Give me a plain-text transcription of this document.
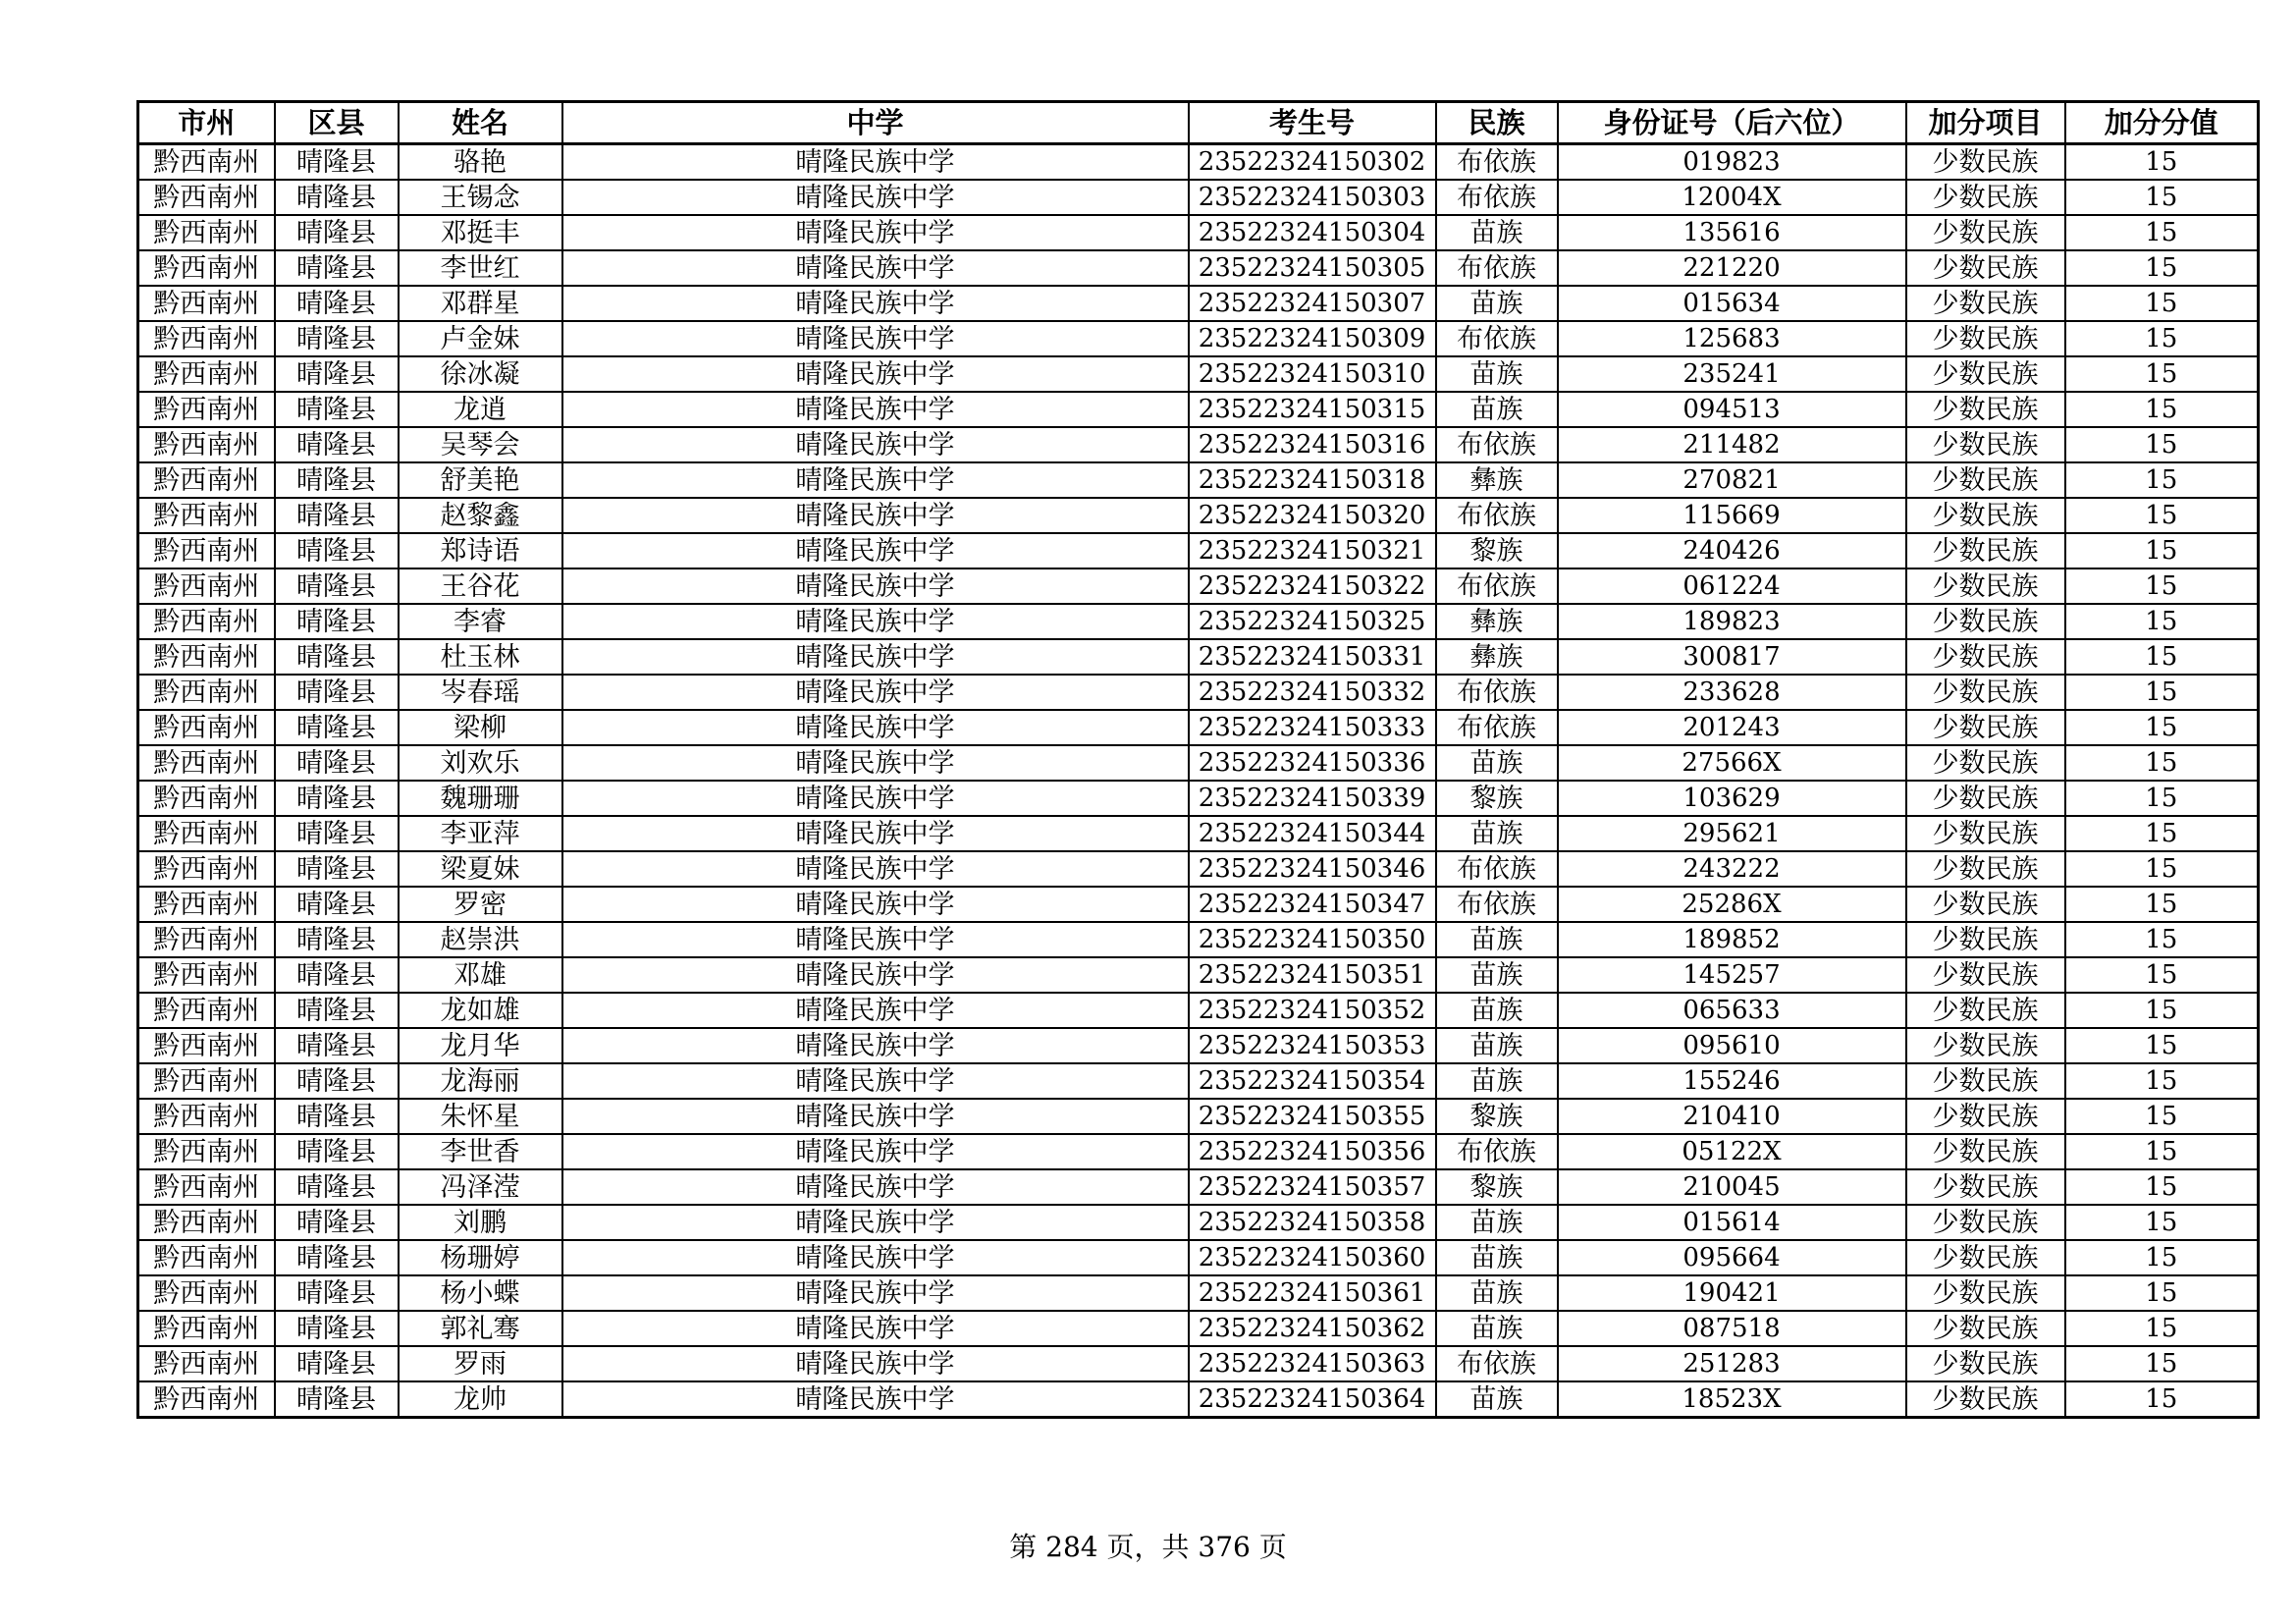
市州	区县	姓名	中学	考生号	民族	身份证号（后六位）	加分项目	加分分值
黔西南州	晴隆县	骆艳	晴隆民族中学	23522324150302	布依族	019823	少数民族	15
黔西南州	晴隆县	王锡念	晴隆民族中学	23522324150303	布依族	12004X	少数民族	15
黔西南州	晴隆县	邓挺丰	晴隆民族中学	23522324150304	苗族	135616	少数民族	15
黔西南州	晴隆县	李世红	晴隆民族中学	23522324150305	布依族	221220	少数民族	15
黔西南州	晴隆县	邓群星	晴隆民族中学	23522324150307	苗族	015634	少数民族	15
黔西南州	晴隆县	卢金妹	晴隆民族中学	23522324150309	布依族	125683	少数民族	15
黔西南州	晴隆县	徐冰凝	晴隆民族中学	23522324150310	苗族	235241	少数民族	15
黔西南州	晴隆县	龙逍	晴隆民族中学	23522324150315	苗族	094513	少数民族	15
黔西南州	晴隆县	吴琴会	晴隆民族中学	23522324150316	布依族	211482	少数民族	15
黔西南州	晴隆县	舒美艳	晴隆民族中学	23522324150318	彝族	270821	少数民族	15
黔西南州	晴隆县	赵黎鑫	晴隆民族中学	23522324150320	布依族	115669	少数民族	15
黔西南州	晴隆县	郑诗语	晴隆民族中学	23522324150321	黎族	240426	少数民族	15
黔西南州	晴隆县	王谷花	晴隆民族中学	23522324150322	布依族	061224	少数民族	15
黔西南州	晴隆县	李睿	晴隆民族中学	23522324150325	彝族	189823	少数民族	15
黔西南州	晴隆县	杜玉林	晴隆民族中学	23522324150331	彝族	300817	少数民族	15
黔西南州	晴隆县	岑春瑶	晴隆民族中学	23522324150332	布依族	233628	少数民族	15
黔西南州	晴隆县	梁柳	晴隆民族中学	23522324150333	布依族	201243	少数民族	15
黔西南州	晴隆县	刘欢乐	晴隆民族中学	23522324150336	苗族	27566X	少数民族	15
黔西南州	晴隆县	魏珊珊	晴隆民族中学	23522324150339	黎族	103629	少数民族	15
黔西南州	晴隆县	李亚萍	晴隆民族中学	23522324150344	苗族	295621	少数民族	15
黔西南州	晴隆县	梁夏妹	晴隆民族中学	23522324150346	布依族	243222	少数民族	15
黔西南州	晴隆县	罗密	晴隆民族中学	23522324150347	布依族	25286X	少数民族	15
黔西南州	晴隆县	赵崇洪	晴隆民族中学	23522324150350	苗族	189852	少数民族	15
黔西南州	晴隆县	邓雄	晴隆民族中学	23522324150351	苗族	145257	少数民族	15
黔西南州	晴隆县	龙如雄	晴隆民族中学	23522324150352	苗族	065633	少数民族	15
黔西南州	晴隆县	龙月华	晴隆民族中学	23522324150353	苗族	095610	少数民族	15
黔西南州	晴隆县	龙海丽	晴隆民族中学	23522324150354	苗族	155246	少数民族	15
黔西南州	晴隆县	朱怀星	晴隆民族中学	23522324150355	黎族	210410	少数民族	15
黔西南州	晴隆县	李世香	晴隆民族中学	23522324150356	布依族	05122X	少数民族	15
黔西南州	晴隆县	冯泽滢	晴隆民族中学	23522324150357	黎族	210045	少数民族	15
黔西南州	晴隆县	刘鹏	晴隆民族中学	23522324150358	苗族	015614	少数民族	15
黔西南州	晴隆县	杨珊婷	晴隆民族中学	23522324150360	苗族	095664	少数民族	15
黔西南州	晴隆县	杨小蝶	晴隆民族中学	23522324150361	苗族	190421	少数民族	15
黔西南州	晴隆县	郭礼骞	晴隆民族中学	23522324150362	苗族	087518	少数民族	15
黔西南州	晴隆县	罗雨	晴隆民族中学	23522324150363	布依族	251283	少数民族	15
黔西南州	晴隆县	龙帅	晴隆民族中学	23522324150364	苗族	18523X	少数民族	15
第 284 页，共 376 页
